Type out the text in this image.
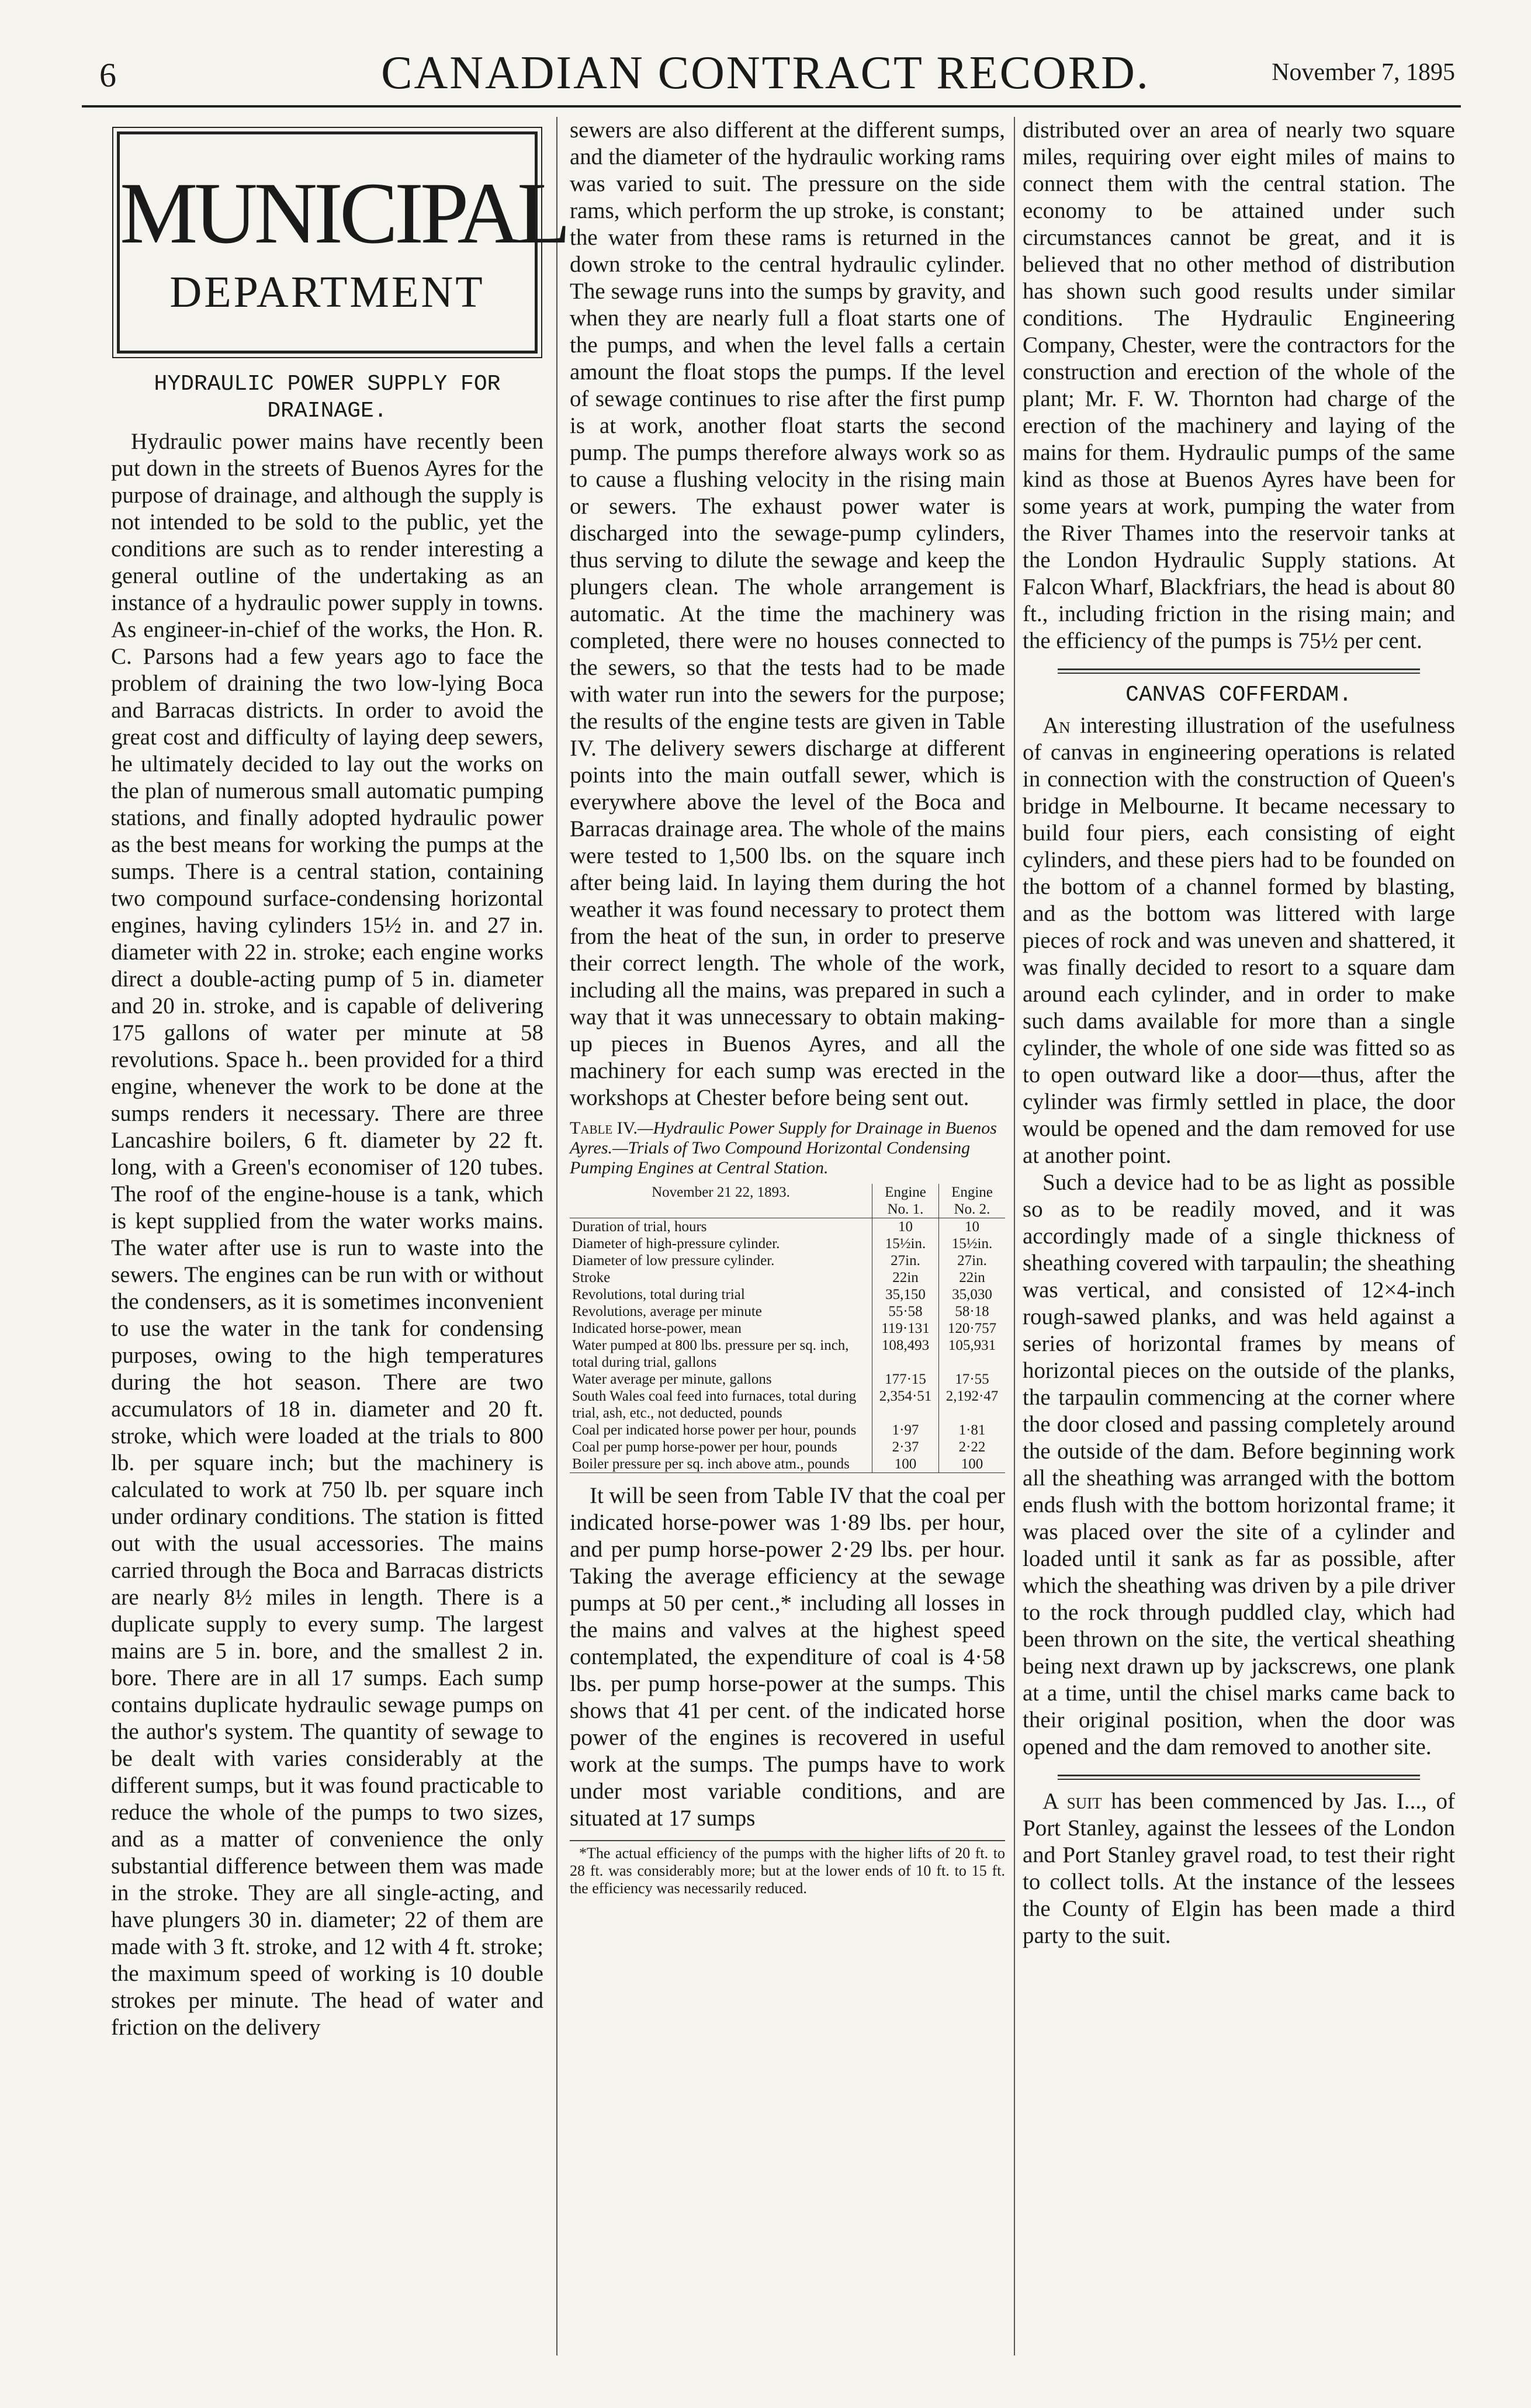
6	CANADIAN CONTRACT RECORD.	November 7, 1895
MUNICIPAL
DEPARTMENT
HYDRAULIC POWER SUPPLY FOR DRAINAGE.

Hydraulic power mains have recently been put down in the streets of Buenos Ayres for the purpose of drainage, and although the supply is not intended to be sold to the public, yet the conditions are such as to render interesting a general outline of the undertaking as an instance of a hydraulic power supply in towns. As engineer-in-chief of the works, the Hon. R. C. Parsons had a few years ago to face the problem of draining the two low-lying Boca and Barracas districts. In order to avoid the great cost and difficulty of laying deep sewers, he ultimately decided to lay out the works on the plan of numerous small automatic pumping stations, and finally adopted hydraulic power as the best means for working the pumps at the sumps. There is a central station, containing two compound surface-condensing horizontal engines, having cylinders 15½ in. and 27 in. diameter with 22 in. stroke; each engine works direct a double-acting pump of 5 in. diameter and 20 in. stroke, and is capable of delivering 175 gallons of water per minute at 58 revolutions. Space h.. been provided for a third engine, whenever the work to be done at the sumps renders it necessary. There are three Lancashire boilers, 6 ft. diameter by 22 ft. long, with a Green's economiser of 120 tubes. The roof of the engine-house is a tank, which is kept supplied from the water works mains. The water after use is run to waste into the sewers. The engines can be run with or without the condensers, as it is sometimes inconvenient to use the water in the tank for condensing purposes, owing to the high temperatures during the hot season. There are two accumulators of 18 in. diameter and 20 ft. stroke, which were loaded at the trials to 800 lb. per square inch; but the machinery is calculated to work at 750 lb. per square inch under ordinary conditions. The station is fitted out with the usual accessories. The mains carried through the Boca and Barracas districts are nearly 8½ miles in length. There is a duplicate supply to every sump. The largest mains are 5 in. bore, and the smallest 2 in. bore. There are in all 17 sumps. Each sump contains duplicate hydraulic sewage pumps on the author's system. The quantity of sewage to be dealt with varies considerably at the different sumps, but it was found practicable to reduce the whole of the pumps to two sizes, and as a matter of convenience the only substantial difference between them was made in the stroke. They are all single-acting, and have plungers 30 in. diameter; 22 of them are made with 3 ft. stroke, and 12 with 4 ft. stroke; the maximum speed of working is 10 double strokes per minute. The head of water and friction on the delivery

sewers are also different at the different sumps, and the diameter of the hydraulic working rams was varied to suit. The pressure on the side rams, which perform the up stroke, is constant; the water from these rams is returned in the down stroke to the central hydraulic cylinder. The sewage runs into the sumps by gravity, and when they are nearly full a float starts one of the pumps, and when the level falls a certain amount the float stops the pumps. If the level of sewage continues to rise after the first pump is at work, another float starts the second pump. The pumps therefore always work so as to cause a flushing velocity in the rising main or sewers. The exhaust power water is discharged into the sewage-pump cylinders, thus serving to dilute the sewage and keep the plungers clean. The whole arrangement is automatic. At the time the machinery was completed, there were no houses connected to the sewers, so that the tests had to be made with water run into the sewers for the purpose; the results of the engine tests are given in Table IV. The delivery sewers discharge at different points into the main outfall sewer, which is everywhere above the level of the Boca and Barracas drainage area. The whole of the mains were tested to 1,500 lbs. on the square inch after being laid. In laying them during the hot weather it was found necessary to protect them from the heat of the sun, in order to preserve their correct length. The whole of the work, including all the mains, was prepared in such a way that it was unnecessary to obtain making-up pieces in Buenos Ayres, and all the machinery for each sump was erected in the workshops at Chester before being sent out.

Table IV.—Hydraulic Power Supply for Drainage in Buenos Ayres.—Trials of Two Compound Horizontal Condensing Pumping Engines at Central Station.
November 21 22, 1893.	Engine No. 1.	Engine No. 2.
Duration of trial, hours	10	10
Diameter of high-pressure cylinder.	15½in.	15½in.
Diameter of low pressure cylinder.	27in.	27in.
Stroke	22in	22in
Revolutions, total during trial	35,150	35,030
Revolutions, average per minute	55·58	58·18
Indicated horse-power, mean	119·131	120·757
Water pumped at 800 lbs. pressure per sq. inch, total during trial, gallons	108,493	105,931
Water average per minute, gallons	177·15	17·55
South Wales coal feed into furnaces, total during trial, ash, etc., not deducted, pounds	2,354·51	2,192·47
Coal per indicated horse power per hour, pounds	1·97	1·81
Coal per pump horse-power per hour, pounds	2·37	2·22
Boiler pressure per sq. inch above atm., pounds	100	100

It will be seen from Table IV that the coal per indicated horse-power was 1·89 lbs. per hour, and per pump horse-power 2·29 lbs. per hour. Taking the average efficiency at the sewage pumps at 50 per cent.,* including all losses in the mains and valves at the highest speed contemplated, the expenditure of coal is 4·58 lbs. per pump horse-power at the sumps. This shows that 41 per cent. of the indicated horse power of the engines is recovered in useful work at the sumps. The pumps have to work under most variable conditions, and are situated at 17 sumps

*The actual efficiency of the pumps with the higher lifts of 20 ft. to 28 ft. was considerably more; but at the lower ends of 10 ft. to 15 ft. the efficiency was necessarily reduced.

distributed over an area of nearly two square miles, requiring over eight miles of mains to connect them with the central station. The economy to be attained under such circumstances cannot be great, and it is believed that no other method of distribution has shown such good results under similar conditions. The Hydraulic Engineering Company, Chester, were the contractors for the construction and erection of the whole of the plant; Mr. F. W. Thornton had charge of the erection of the machinery and laying of the mains for them. Hydraulic pumps of the same kind as those at Buenos Ayres have been for some years at work, pumping the water from the River Thames into the reservoir tanks at the London Hydraulic Supply stations. At Falcon Wharf, Blackfriars, the head is about 80 ft., including friction in the rising main; and the efficiency of the pumps is 75½ per cent.

CANVAS COFFERDAM.

An interesting illustration of the usefulness of canvas in engineering operations is related in connection with the construction of Queen's bridge in Melbourne. It became necessary to build four piers, each consisting of eight cylinders, and these piers had to be founded on the bottom of a channel formed by blasting, and as the bottom was littered with large pieces of rock and was uneven and shattered, it was finally decided to resort to a square dam around each cylinder, and in order to make such dams available for more than a single cylinder, the whole of one side was fitted so as to open outward like a door—thus, after the cylinder was firmly settled in place, the door would be opened and the dam removed for use at another point.

Such a device had to be as light as possible so as to be readily moved, and it was accordingly made of a single thickness of sheathing covered with tarpaulin; the sheathing was vertical, and consisted of 12×4-inch rough-sawed planks, and was held against a series of horizontal frames by means of horizontal pieces on the outside of the planks, the tarpaulin commencing at the corner where the door closed and passing completely around the outside of the dam. Before beginning work all the sheathing was arranged with the bottom ends flush with the bottom horizontal frame; it was placed over the site of a cylinder and loaded until it sank as far as possible, after which the sheathing was driven by a pile driver to the rock through puddled clay, which had been thrown on the site, the vertical sheathing being next drawn up by jackscrews, one plank at a time, until the chisel marks came back to their original position, when the door was opened and the dam removed to another site.

A suit has been commenced by Jas. I..., of Port Stanley, against the lessees of the London and Port Stanley gravel road, to test their right to collect tolls. At the instance of the lessees the County of Elgin has been made a third party to the suit.
